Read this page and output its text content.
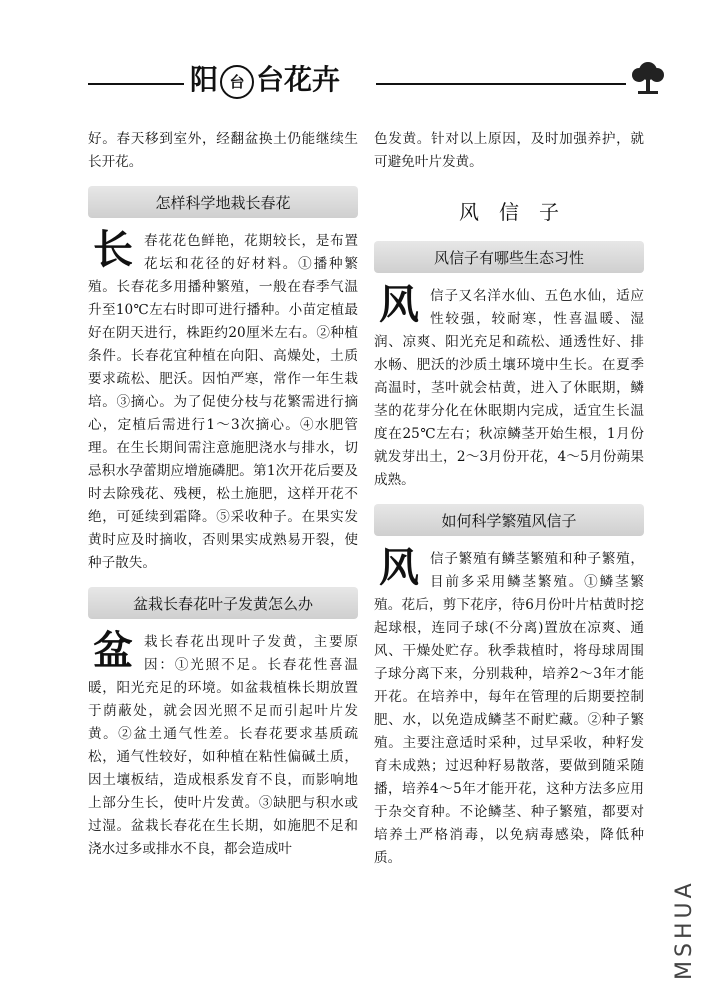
阳 台 台花卉

好。春天移到室外，经翻盆换土仍能继续生长开花。

怎样科学地栽长春花
长 春花花色鲜艳，花期较长，是布置花坛和花径的好材料。①播种繁殖。长春花多用播种繁殖，一般在春季气温升至10℃左右时即可进行播种。小苗定植最好在阴天进行，株距约20厘米左右。②种植条件。长春花宜种植在向阳、高燥处，土质要求疏松、肥沃。因怕严寒，常作一年生栽培。③摘心。为了促使分枝与花繁需进行摘心，定植后需进行1～3次摘心。④水肥管理。在生长期间需注意施肥浇水与排水，切忌积水孕蕾期应增施磷肥。第1次开花后要及时去除残花、残梗，松土施肥，这样开花不绝，可延续到霜降。⑤采收种子。在果实发黄时应及时摘收，否则果实成熟易开裂，使种子散失。

盆栽长春花叶子发黄怎么办
盆 栽长春花出现叶子发黄，主要原因：①光照不足。长春花性喜温暖，阳光充足的环境。如盆栽植株长期放置于荫蔽处，就会因光照不足而引起叶片发黄。②盆土通气性差。长春花要求基质疏松，通气性较好，如种植在粘性偏碱土质，因土壤板结，造成根系发育不良，而影响地上部分生长，使叶片发黄。③缺肥与积水或过湿。盆栽长春花在生长期，如施肥不足和浇水过多或排水不良，都会造成叶

色发黄。针对以上原因，及时加强养护，就可避免叶片发黄。

风信子
风信子有哪些生态习性
风 信子又名洋水仙、五色水仙，适应性较强，较耐寒，性喜温暖、湿润、凉爽、阳光充足和疏松、通透性好、排水畅、肥沃的沙质土壤环境中生长。在夏季高温时，茎叶就会枯黄，进入了休眠期，鳞茎的花芽分化在休眠期内完成，适宜生长温度在25℃左右；秋凉鳞茎开始生根，1月份就发芽出土，2～3月份开花，4～5月份蒴果成熟。

如何科学繁殖风信子
风 信子繁殖有鳞茎繁殖和种子繁殖，目前多采用鳞茎繁殖。①鳞茎繁殖。花后，剪下花序，待6月份叶片枯黄时挖起球根，连同子球(不分离)置放在凉爽、通风、干燥处贮存。秋季栽植时，将母球周围子球分离下来，分别栽种，培养2～3年才能开花。在培养中，每年在管理的后期要控制肥、水，以免造成鳞茎不耐贮藏。②种子繁殖。主要注意适时采种，过早采收，种籽发育未成熟；过迟种籽易散落，要做到随采随播，培养4～5年才能开花，这种方法多应用于杂交育种。不论鳞茎、种子繁殖，都要对培养土严格消毒，以免病毒感染，降低种质。

MSHUA
